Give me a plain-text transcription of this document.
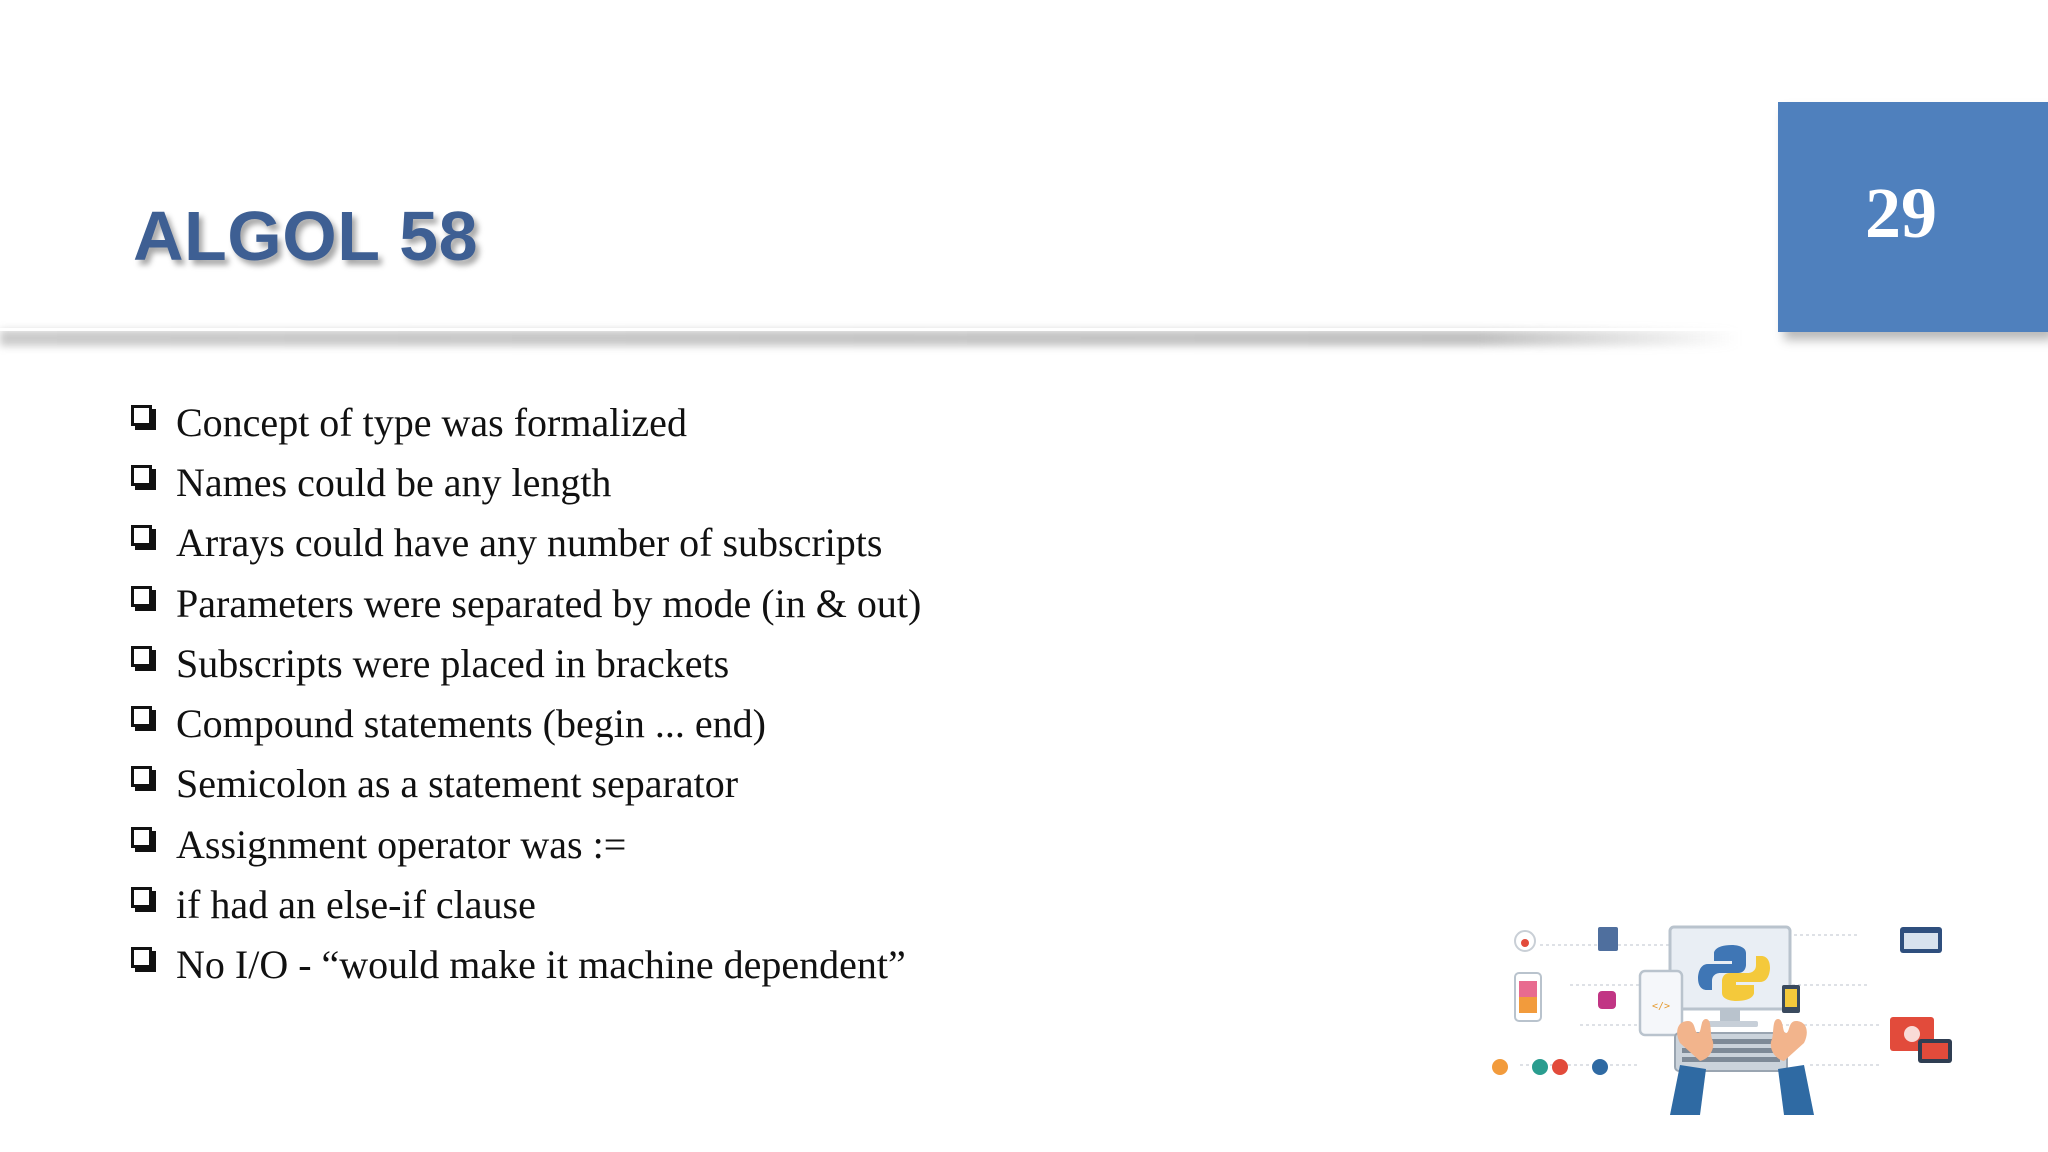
ALGOL 58	29
Concept of type was formalized
Names could be any length
Arrays could have any number of subscripts
Parameters were separated by mode (in & out)
Subscripts were placed in brackets
Compound statements (begin ... end)
Semicolon as a statement separator
Assignment operator was :=
if had an else-if clause
No I/O - “would make it machine dependent”
</>
